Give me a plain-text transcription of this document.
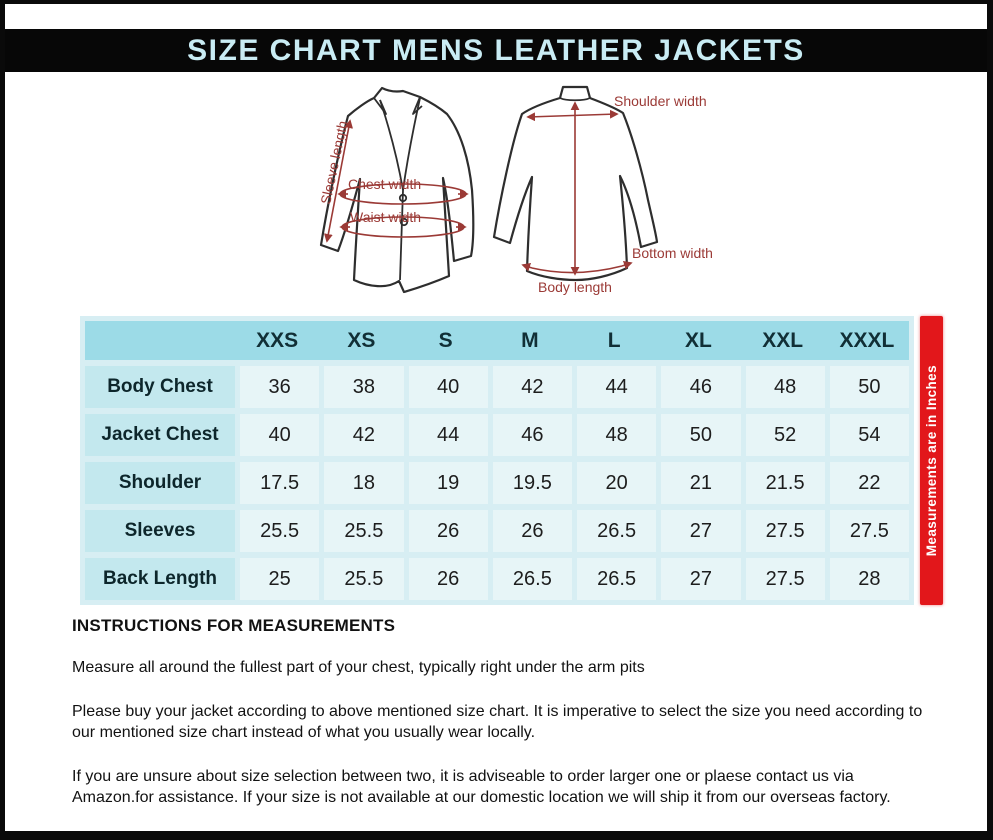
SIZE CHART MENS LEATHER JACKETS
Sleeve length
Chest width
Waist width
Shoulder width
Body length
Bottom width
XXS	XS	S	M	L	XL	XXL	XXXL
Body Chest	36	38	40	42	44	46	48	50
Jacket Chest	40	42	44	46	48	50	52	54
Shoulder	17.5	18	19	19.5	20	21	21.5	22
Sleeves	25.5	25.5	26	26	26.5	27	27.5	27.5
Back Length	25	25.5	26	26.5	26.5	27	27.5	28
Measurements are in Inches
INSTRUCTIONS FOR MEASUREMENTS

Measure all around the fullest part of your chest, typically right under the arm pits

Please buy your jacket according to above mentioned size chart. It is imperative to select the size you need according to our mentioned size chart instead of what you usually wear locally.

If you are unsure about size selection between two, it is adviseable to order larger one or plaese contact us via Amazon.for assistance. If your size is not available at our domestic location we will ship it from our overseas factory.
